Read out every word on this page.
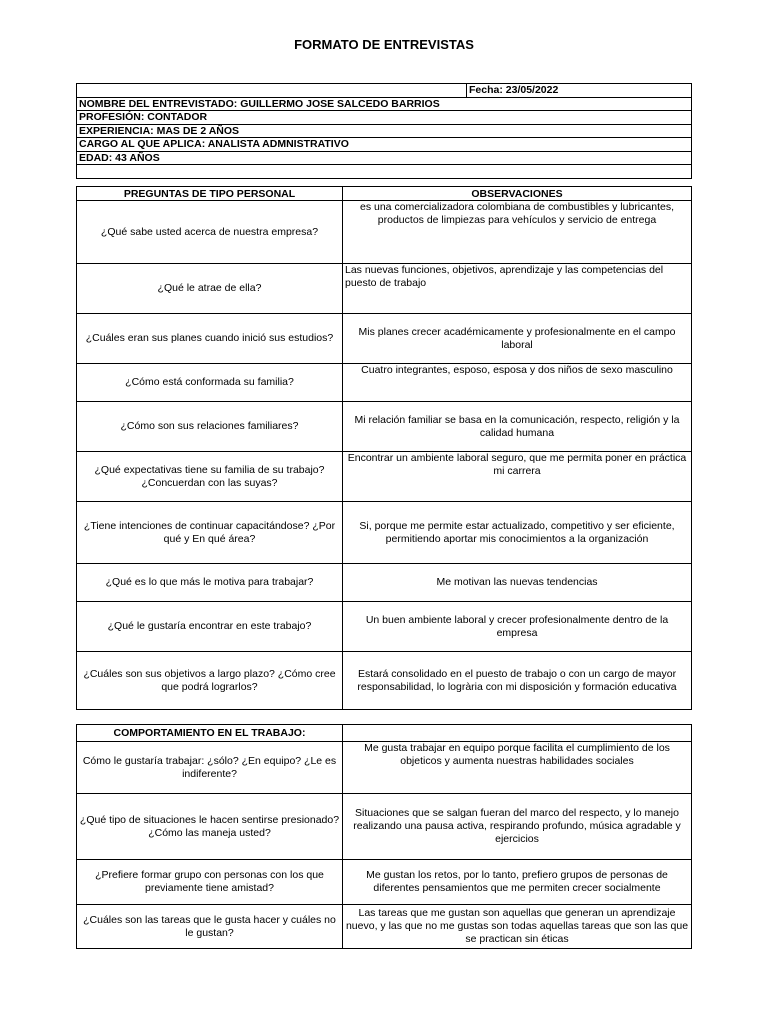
FORMATO DE ENTREVISTAS
	Fecha: 23/05/2022
NOMBRE DEL ENTREVISTADO: GUILLERMO JOSE SALCEDO BARRIOS
PROFESIÓN: CONTADOR
EXPERIENCIA: MAS DE 2 AÑOS
CARGO AL QUE APLICA: ANALISTA ADMNISTRATIVO
EDAD: 43 AÑOS

PREGUNTAS DE TIPO PERSONAL	OBSERVACIONES
¿Qué sabe usted acerca de nuestra empresa?	es una comercializadora colombiana de combustibles y lubricantes, productos de limpiezas para vehículos y servicio de entrega
¿Qué le atrae de ella?	Las nuevas funciones, objetivos, aprendizaje y las competencias del puesto de trabajo
¿Cuáles eran sus planes cuando inició sus estudios?	Mis planes crecer académicamente y profesionalmente en el campo laboral
¿Cómo está conformada su familia?	Cuatro integrantes, esposo, esposa y dos niños de sexo masculino
¿Cómo son sus relaciones familiares?	Mi relación familiar se basa en la comunicación, respecto, religión y la calidad humana
¿Qué expectativas tiene su familia de su trabajo? ¿Concuerdan con las suyas?	Encontrar un ambiente laboral seguro, que me permita poner en práctica mi carrera
¿Tiene intenciones de continuar capacitándose? ¿Por qué y En qué área?	Si, porque me permite estar actualizado, competitivo y ser eficiente, permitiendo aportar mis conocimientos a la organización
¿Qué es lo que más le motiva para trabajar?	Me motivan las nuevas tendencias
¿Qué le gustaría encontrar en este trabajo?	Un buen ambiente laboral y crecer profesionalmente dentro de la empresa
¿Cuáles son sus objetivos a largo plazo? ¿Cómo cree que podrá lograrlos?	Estará consolidado en el puesto de trabajo o con un cargo de mayor responsabilidad, lo logrària con mi disposición y formación educativa
COMPORTAMIENTO EN EL TRABAJO:	
Cómo le gustaría trabajar: ¿sólo? ¿En equipo? ¿Le es indiferente?	Me gusta trabajar en equipo porque facilita el cumplimiento de los objeticos y aumenta nuestras habilidades sociales
¿Qué tipo de situaciones le hacen sentirse presionado? ¿Cómo las maneja usted?	Situaciones que se salgan fueran del marco del respecto, y lo manejo realizando una pausa activa, respirando profundo, música agradable y ejercicios
¿Prefiere formar grupo con personas con los que previamente tiene amistad?	Me gustan los retos, por lo tanto, prefiero grupos de personas de diferentes pensamientos que me permiten crecer socialmente
¿Cuáles son las tareas que le gusta hacer y cuáles no le gustan?	Las tareas que me gustan son aquellas que generan un aprendizaje nuevo, y las que no me gustas son todas aquellas tareas que son las que se practican sin éticas
